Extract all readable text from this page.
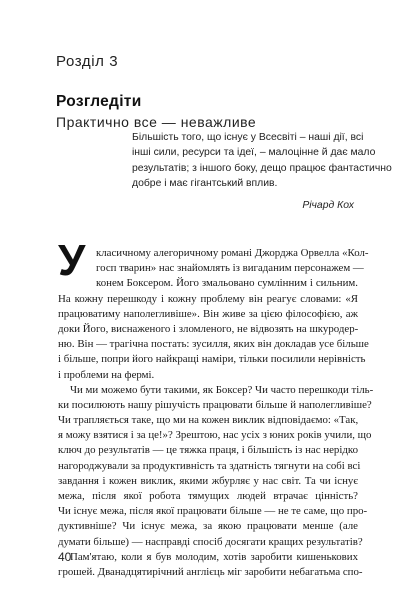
Розділ 3
Розгледіти
Практично все — неважливе
Більшість того, що існує у Всесвіті – наші дії, всі
інші сили, ресурси та ідеї, – малоцінне й дає мало
результатів; з іншого боку, дещо працює фантастично
добре і має гігантський вплив.
Річард Кох
У класичному алегоричному романі Джорджа Орвелла «Кол-
госп тварин» нас знайомлять із вигаданим персонажем —
конем Боксером. Його змальовано сумлінним і сильним.
На кожну перешкоду і кожну проблему він реагує словами: «Я
працюватиму наполегливіше». Він живе за цією філософією, аж
доки Його, виснаженого і зломленого, не відвозять на шкуродер-
ню. Він — трагічна постать: зусилля, яких він докладав усе більше
і більше, попри його найкращі наміри, тільки посилили нерівність
і проблеми на фермі.
Чи ми можемо бути такими, як Боксер? Чи часто перешкоди тіль-
ки посилюють нашу рішучість працювати більше й наполегливіше?
Чи трапляється таке, що ми на кожен виклик відповідаємо: «Так,
я можу взятися і за це!»? Зрештою, нас усіх з юних років учили, що
ключ до результатів — це тяжка праця, і більшість із нас нерідко
нагороджували за продуктивність та здатність тягнути на собі всі
завдання і кожен виклик, якими жбурляє у нас світ. Та чи існує
межа, після якої робота тямущих людей втрачає цінність?
Чи існує межа, після якої працювати більше — не те саме, що про-
дуктивніше? Чи існує межа, за якою працювати менше (але
думати більше) — насправді спосіб досягати кращих результатів?
Пам'ятаю, коли я був молодим, хотів заробити кишенькових
грошей. Дванадцятирічний англієць міг заробити небагатьма спо-
40
